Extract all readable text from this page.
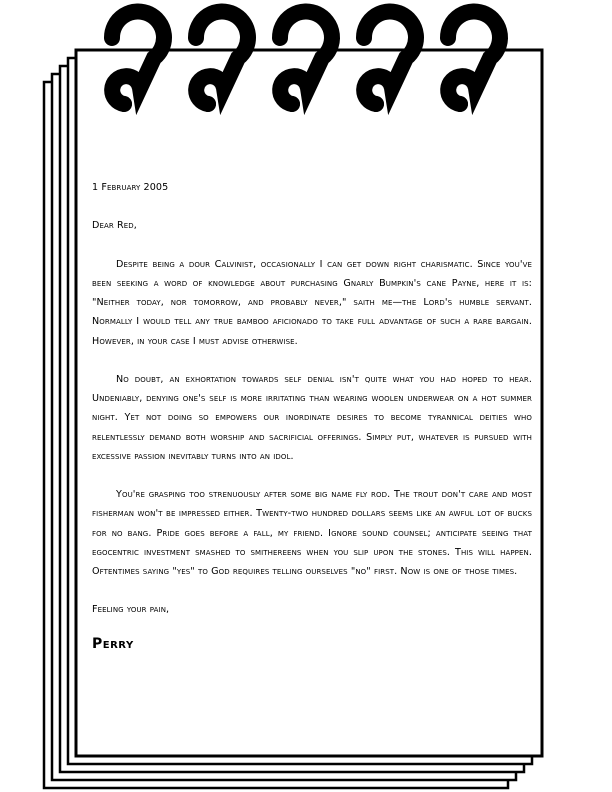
1 February 2005

Dear Red,

Despite being a dour Calvinist, occasionally I can get down right charismatic. Since you've been seeking a word of knowledge about purchasing Gnarly Bumpkin's cane Payne, here it is: "Neither today, nor tomorrow, and probably never," saith me—the Lord's humble servant. Normally I would tell any true bamboo aficionado to take full advantage of such a rare bargain. However, in your case I must advise otherwise.

No doubt, an exhortation towards self denial isn't quite what you had hoped to hear. Undeniably, denying one's self is more irritating than wearing woolen underwear on a hot summer night. Yet not doing so empowers our inordinate desires to become tyrannical deities who relentlessly demand both worship and sacrificial offerings. Simply put, whatever is pursued with excessive passion inevitably turns into an idol.

You're grasping too strenuously after some big name fly rod. The trout don't care and most fisherman won't be impressed either. Twenty-two hundred dollars seems like an awful lot of bucks for no bang. Pride goes before a fall, my friend. Ignore sound counsel; anticipate seeing that egocentric investment smashed to smithereens when you slip upon the stones. This will happen. Oftentimes saying "yes" to God requires telling ourselves "no" first. Now is one of those times.

Feeling your pain,

Perry
